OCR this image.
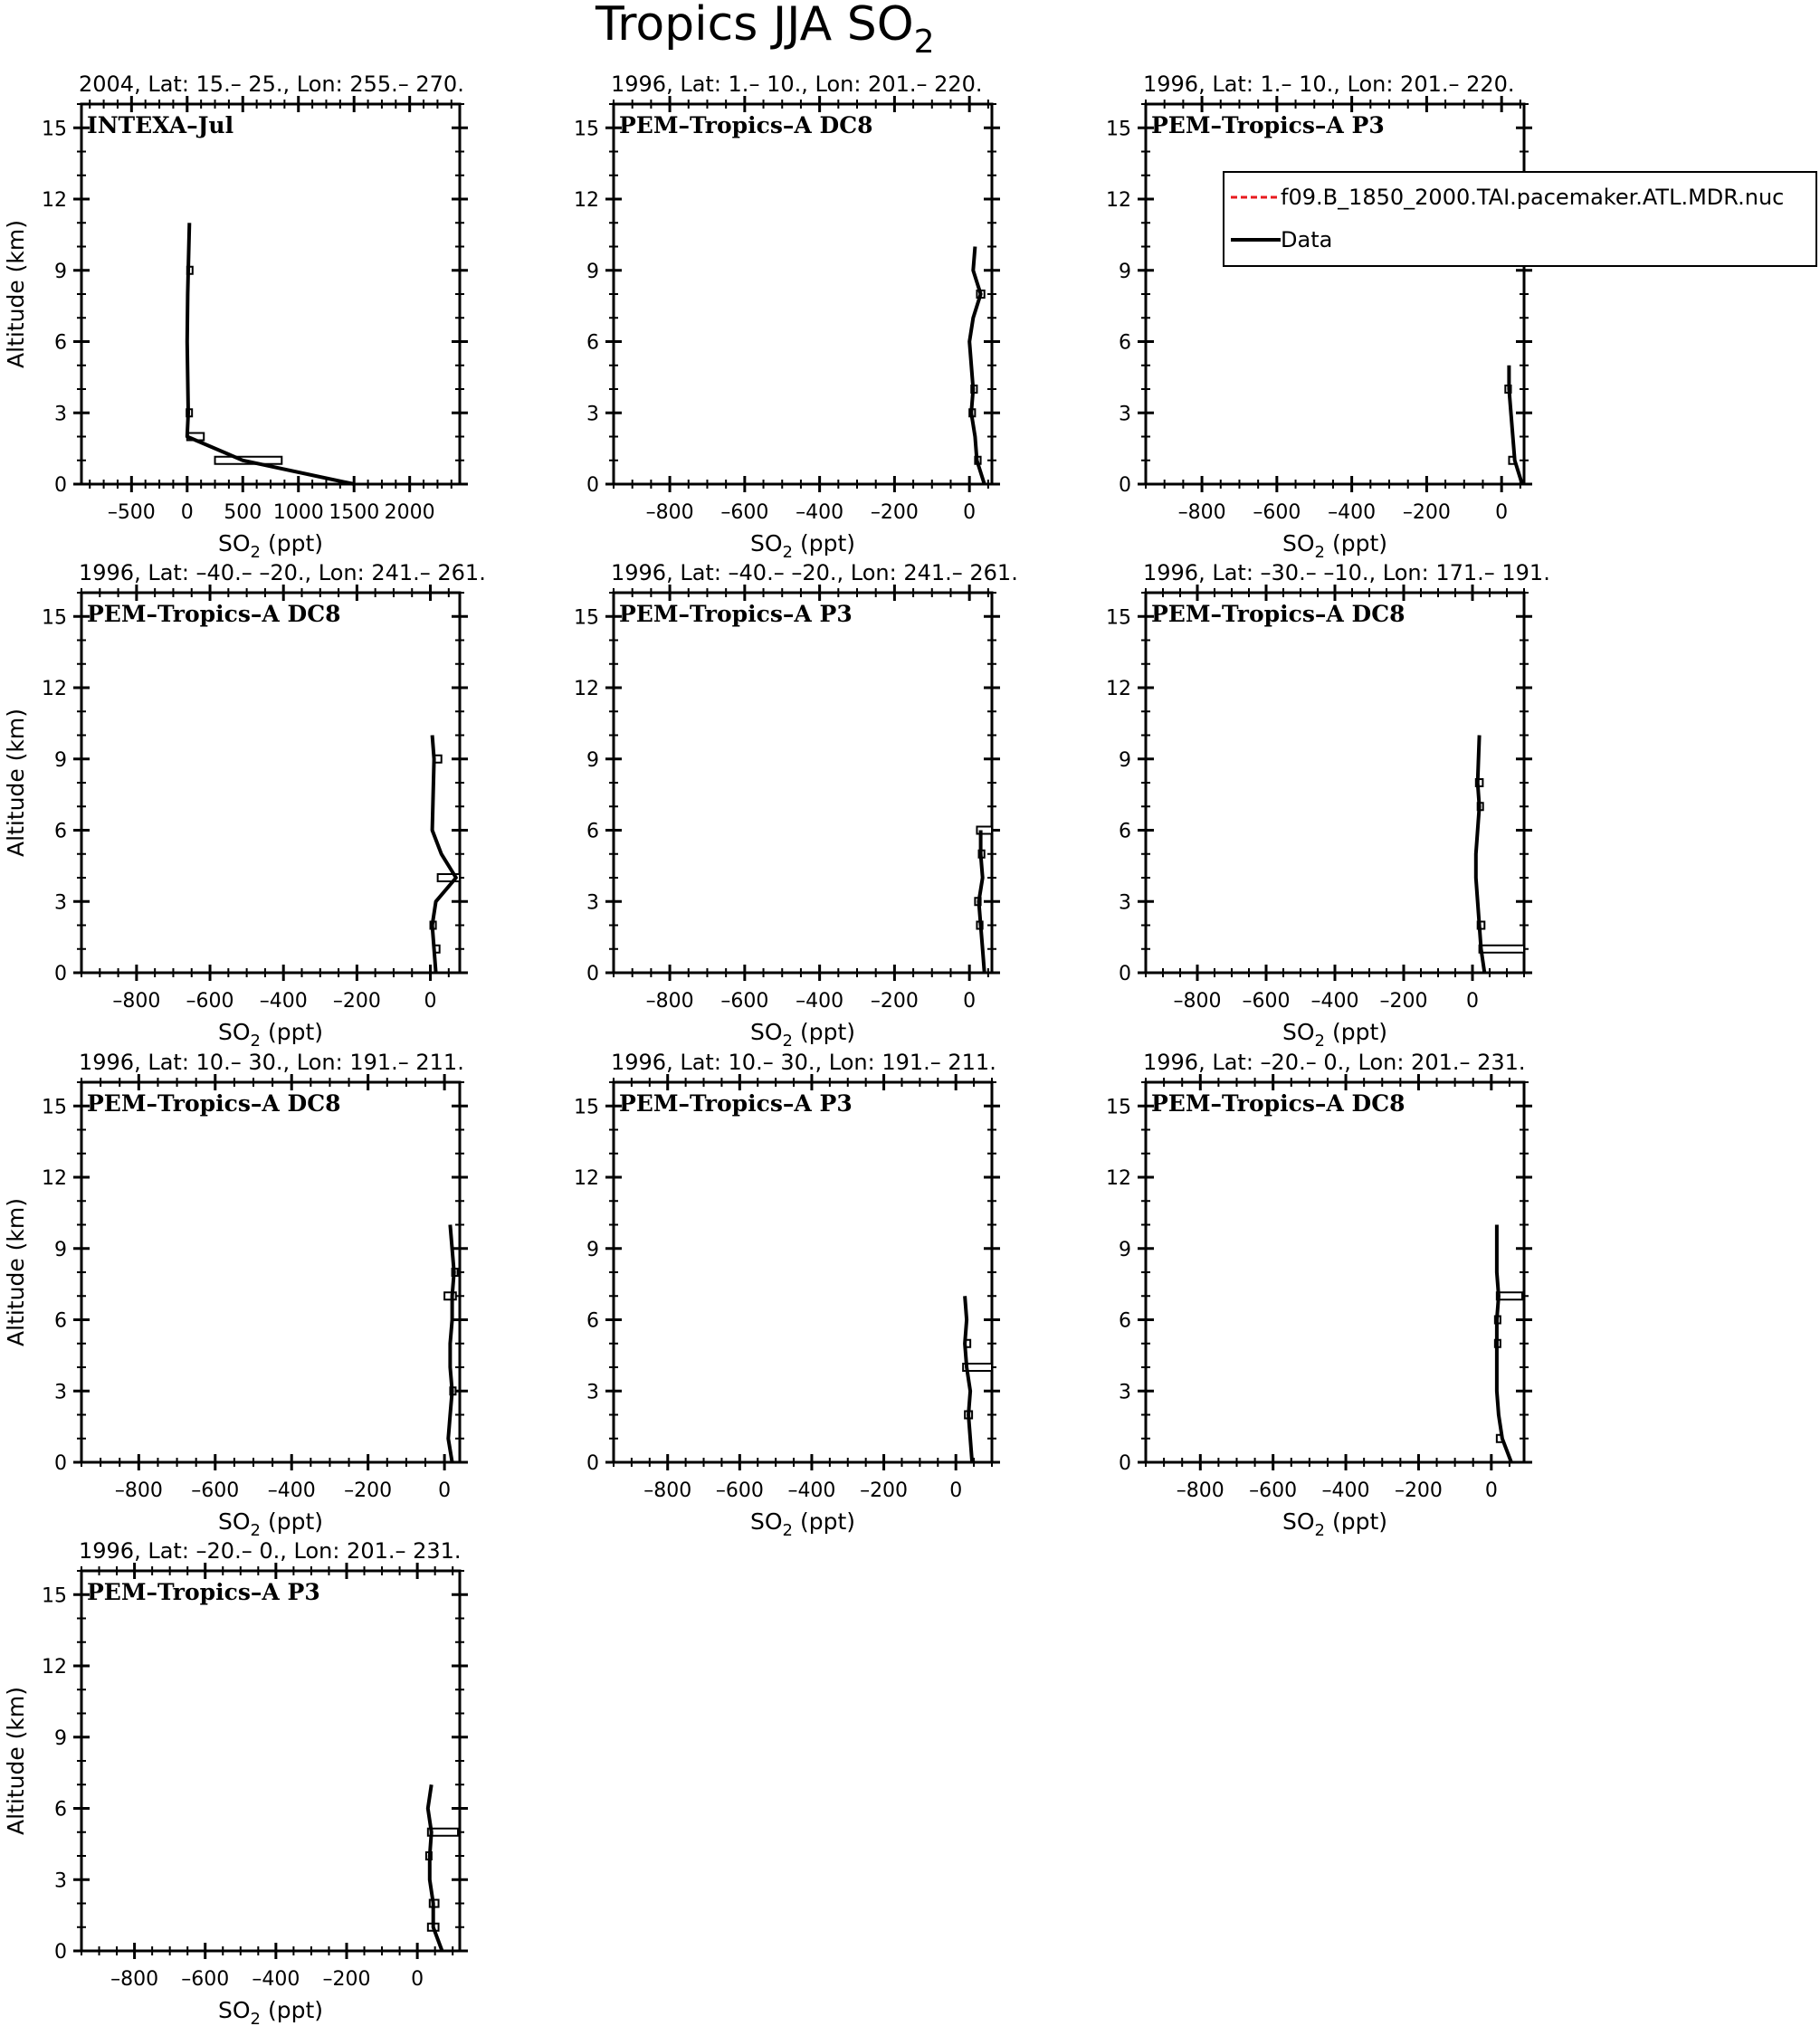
Tropics JJA $SO_2$
2004, Lat: 15.– 25., Lon: 255.– 270.
INTEXA–Jul
–500 0 500 1000 1500 2000
0
3
6
9
12
15
$SO_2$ (ppt)
Altitude (km)
1996, Lat: 1.– 10., Lon: 201.– 220.
PEM–Tropics–A DC8
–800 –600 –400 –200 0
0
3
6
9
12
15
$SO_2$ (ppt)
1996, Lat: 1.– 10., Lon: 201.– 220.
PEM–Tropics–A P3
–800 –600 –400 –200 0
0
3
6
9
12
15
$SO_2$ (ppt)
1996, Lat: –40.– –20., Lon: 241.– 261.
PEM–Tropics–A DC8
–800 –600 –400 –200 0
0
3
6
9
12
15
$SO_2$ (ppt)
Altitude (km)
1996, Lat: –40.– –20., Lon: 241.– 261.
PEM–Tropics–A P3
–800 –600 –400 –200 0
0
3
6
9
12
15
$SO_2$ (ppt)
1996, Lat: –30.– –10., Lon: 171.– 191.
PEM–Tropics–A DC8
–800 –600 –400 –200 0
0
3
6
9
12
15
$SO_2$ (ppt)
1996, Lat: 10.– 30., Lon: 191.– 211.
PEM–Tropics–A DC8
–800 –600 –400 –200 0
0
3
6
9
12
15
$SO_2$ (ppt)
Altitude (km)
1996, Lat: 10.– 30., Lon: 191.– 211.
PEM–Tropics–A P3
–800 –600 –400 –200 0
0
3
6
9
12
15
$SO_2$ (ppt)
1996, Lat: –20.– 0., Lon: 201.– 231.
PEM–Tropics–A DC8
–800 –600 –400 –200 0
0
3
6
9
12
15
$SO_2$ (ppt)
1996, Lat: –20.– 0., Lon: 201.– 231.
PEM–Tropics–A P3
–800 –600 –400 –200 0
0
3
6
9
12
15
$SO_2$ (ppt)
Altitude (km)
f09.B_1850_2000.TAI.pacemaker.ATL.MDR.nuc
Data
